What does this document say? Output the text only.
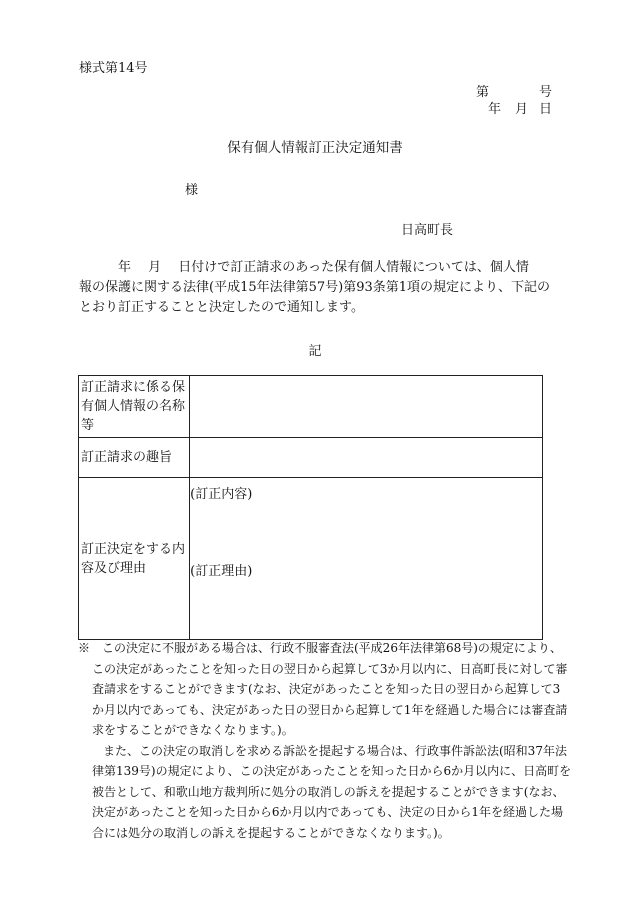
様式第14号
第	号
年 月 日
保有個人情報訂正決定通知書
様
日高町長
　　　年　 月 　日付けで訂正請求のあった保有個人情報については、個人情
報の保護に関する法律(平成15年法律第57号)第93条第1項の規定により、下記の
とおり訂正することと決定したので通知します。
記
訂正請求に係る保有個人情報の名称等	
訂正請求の趣旨	
訂正決定をする内容及び理由	(訂正内容)
(訂正理由)
※　この決定に不服がある場合は、行政不服審査法(平成26年法律第68号)の規定により、
この決定があったことを知った日の翌日から起算して3か月以内に、日高町長に対して審
査請求をすることができます(なお、決定があったことを知った日の翌日から起算して3
か月以内であっても、決定があった日の翌日から起算して1年を経過した場合には審査請
求をすることができなくなります。)。
また、この決定の取消しを求める訴訟を提起する場合は、行政事件訴訟法(昭和37年法
律第139号)の規定により、この決定があったことを知った日から6か月以内に、日高町を
被告として、和歌山地方裁判所に処分の取消しの訴えを提起することができます(なお、
決定があったことを知った日から6か月以内であっても、決定の日から1年を経過した場
合には処分の取消しの訴えを提起することができなくなります。)。
